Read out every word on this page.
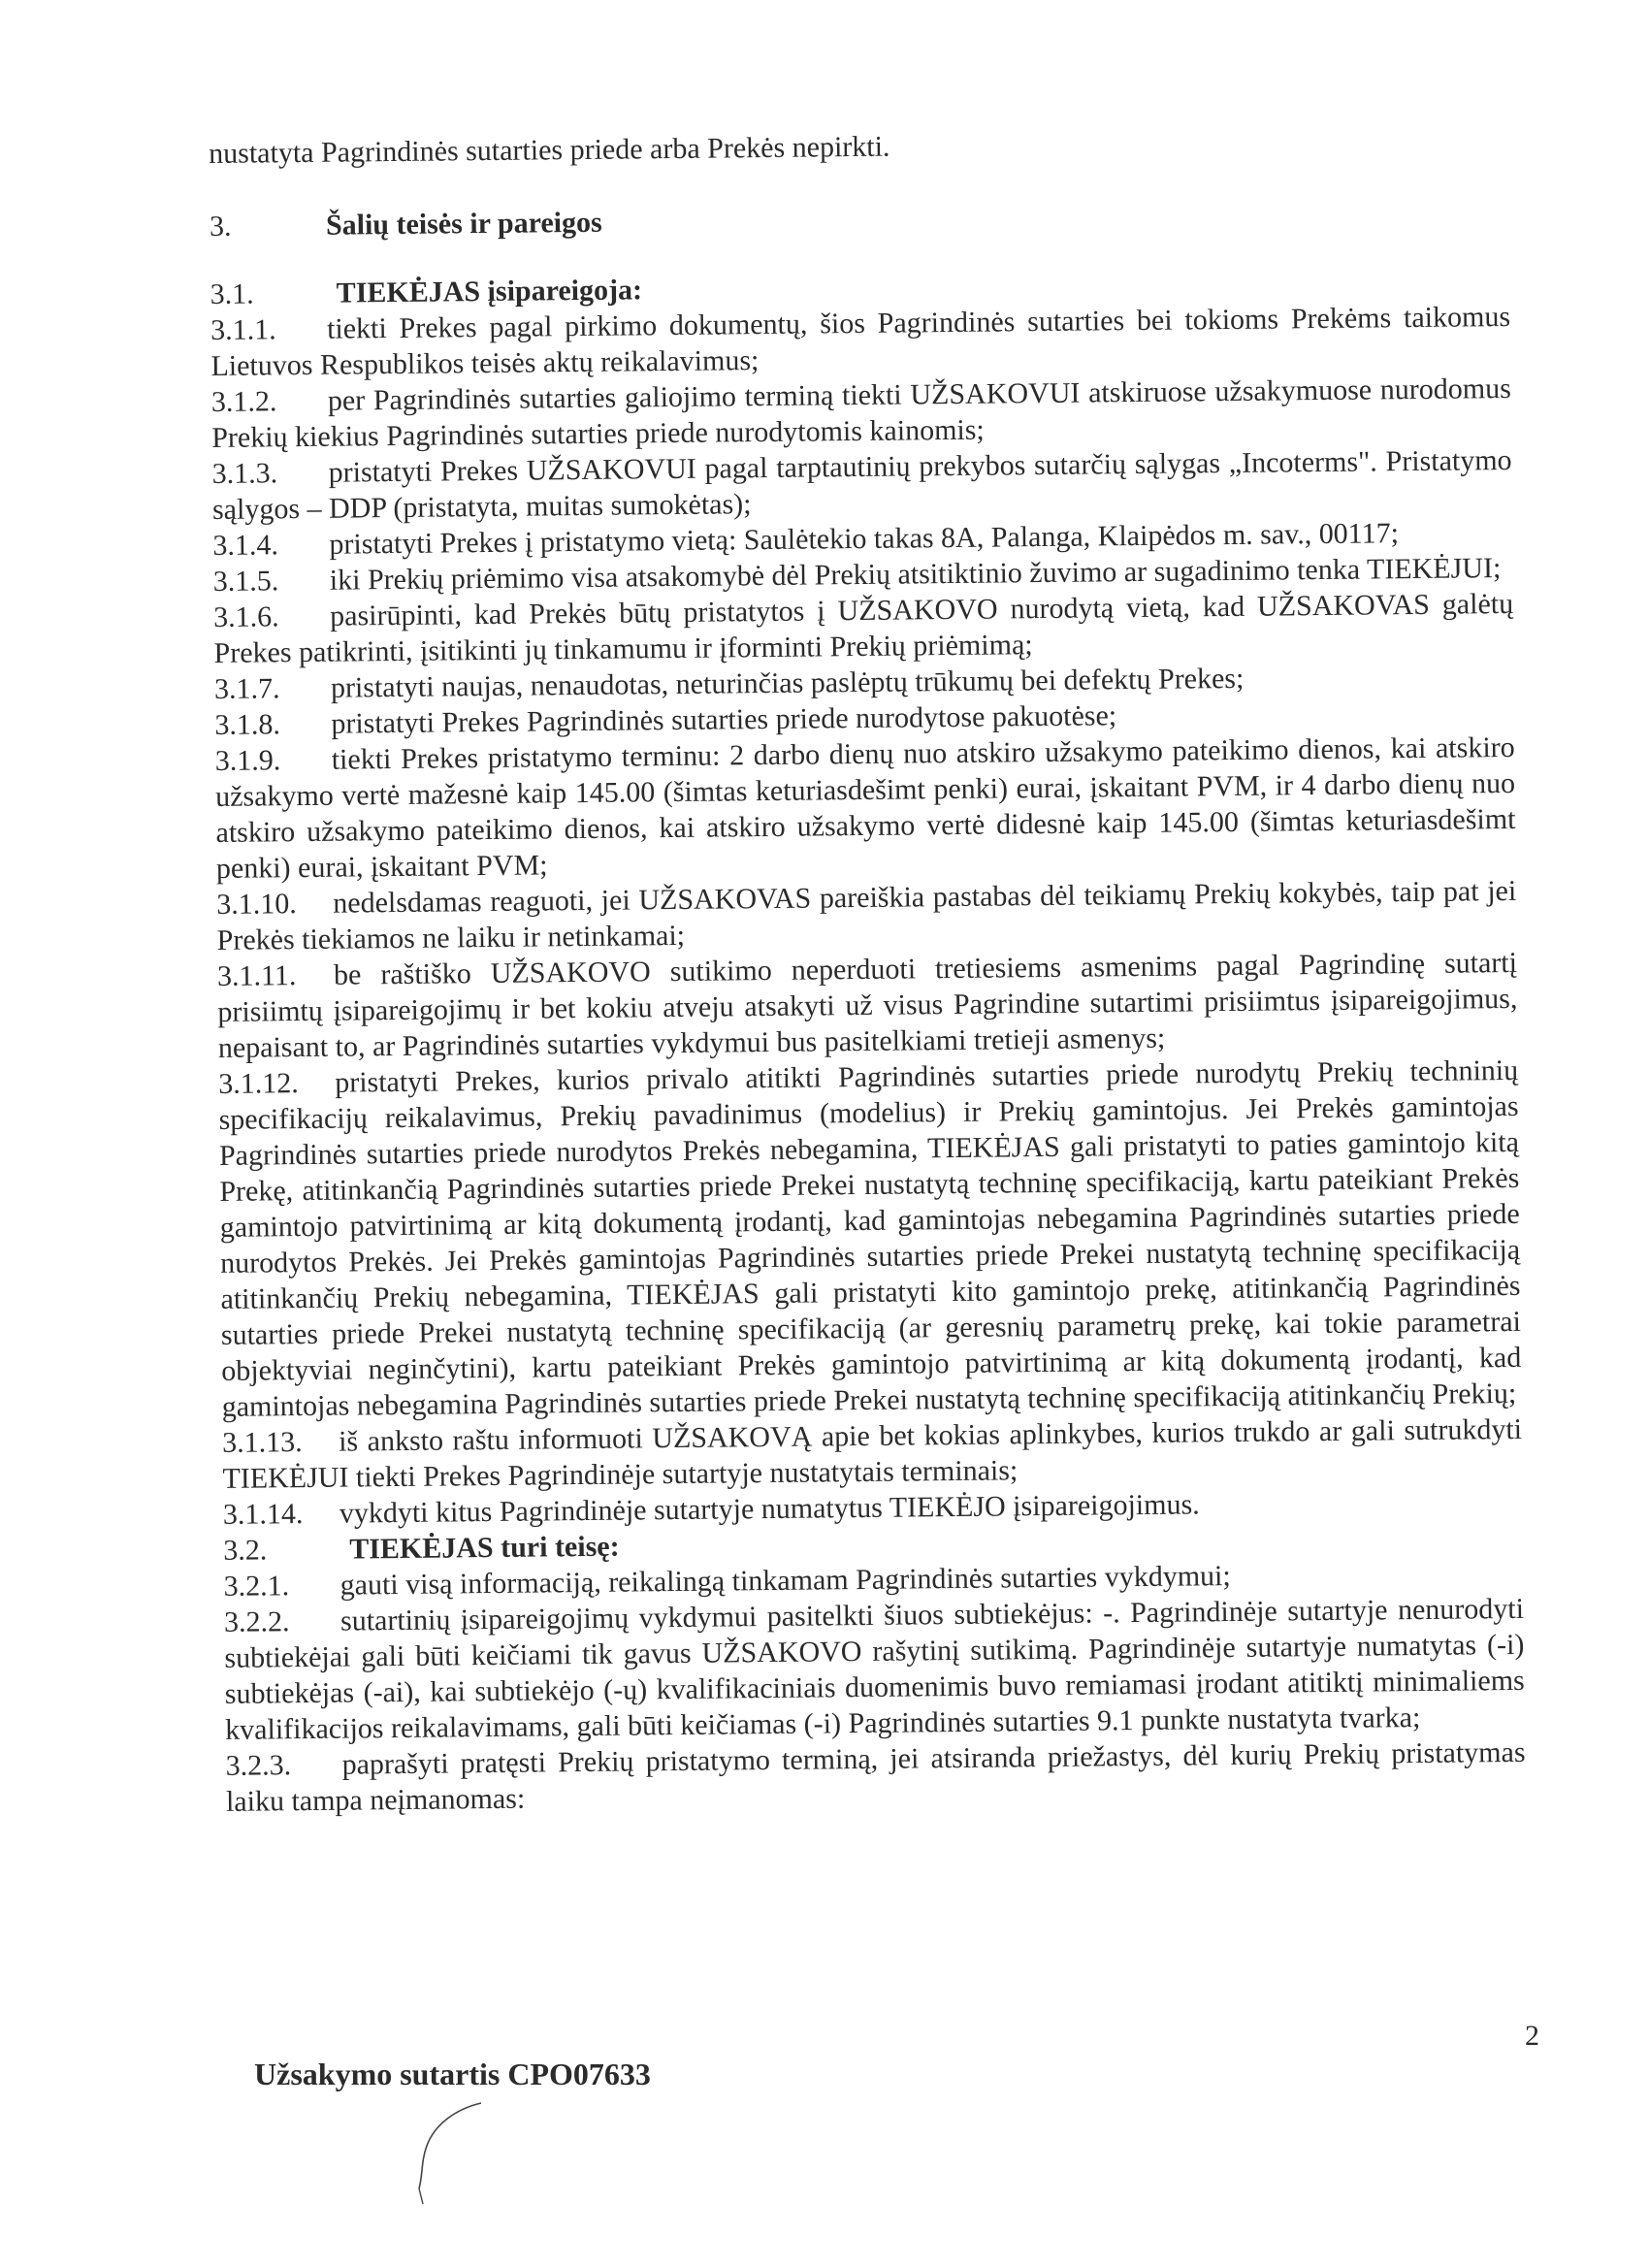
nustatyta Pagrindinės sutarties priede arba Prekės nepirkti.

3.	Šalių teisės ir pareigos
3.1.	TIEKĖJAS įsipareigoja:

3.1.1. tiekti Prekes pagal pirkimo dokumentų, šios Pagrindinės sutarties bei tokioms Prekėms taikomus Lietuvos Respublikos teisės aktų reikalavimus;

3.1.2. per Pagrindinės sutarties galiojimo terminą tiekti UŽSAKOVUI atskiruose užsakymuose nurodomus Prekių kiekius Pagrindinės sutarties priede nurodytomis kainomis;

3.1.3. pristatyti Prekes UŽSAKOVUI pagal tarptautinių prekybos sutarčių sąlygas „Incoterms". Pristatymo sąlygos – DDP (pristatyta, muitas sumokėtas);

3.1.4. pristatyti Prekes į pristatymo vietą: Saulėtekio takas 8A, Palanga, Klaipėdos m. sav., 00117;

3.1.5. iki Prekių priėmimo visa atsakomybė dėl Prekių atsitiktinio žuvimo ar sugadinimo tenka TIEKĖJUI;

3.1.6. pasirūpinti, kad Prekės būtų pristatytos į UŽSAKOVO nurodytą vietą, kad UŽSAKOVAS galėtų Prekes patikrinti, įsitikinti jų tinkamumu ir įforminti Prekių priėmimą;

3.1.7. pristatyti naujas, nenaudotas, neturinčias paslėptų trūkumų bei defektų Prekes;

3.1.8. pristatyti Prekes Pagrindinės sutarties priede nurodytose pakuotėse;

3.1.9. tiekti Prekes pristatymo terminu: 2 darbo dienų nuo atskiro užsakymo pateikimo dienos, kai atskiro užsakymo vertė mažesnė kaip 145.00 (šimtas keturiasdešimt penki) eurai, įskaitant PVM, ir 4 darbo dienų nuo atskiro užsakymo pateikimo dienos, kai atskiro užsakymo vertė didesnė kaip 145.00 (šimtas keturiasdešimt penki) eurai, įskaitant PVM;

3.1.10. nedelsdamas reaguoti, jei UŽSAKOVAS pareiškia pastabas dėl teikiamų Prekių kokybės, taip pat jei Prekės tiekiamos ne laiku ir netinkamai;

3.1.11. be raštiško UŽSAKOVO sutikimo neperduoti tretiesiems asmenims pagal Pagrindinę sutartį prisiimtų įsipareigojimų ir bet kokiu atveju atsakyti už visus Pagrindine sutartimi prisiimtus įsipareigojimus, nepaisant to, ar Pagrindinės sutarties vykdymui bus pasitelkiami tretieji asmenys;

3.1.12. pristatyti Prekes, kurios privalo atitikti Pagrindinės sutarties priede nurodytų Prekių techninių specifikacijų reikalavimus, Prekių pavadinimus (modelius) ir Prekių gamintojus. Jei Prekės gamintojas Pagrindinės sutarties priede nurodytos Prekės nebegamina, TIEKĖJAS gali pristatyti to paties gamintojo kitą Prekę, atitinkančią Pagrindinės sutarties priede Prekei nustatytą techninę specifikaciją, kartu pateikiant Prekės gamintojo patvirtinimą ar kitą dokumentą įrodantį, kad gamintojas nebegamina Pagrindinės sutarties priede nurodytos Prekės. Jei Prekės gamintojas Pagrindinės sutarties priede Prekei nustatytą techninę specifikaciją atitinkančių Prekių nebegamina, TIEKĖJAS gali pristatyti kito gamintojo prekę, atitinkančią Pagrindinės sutarties priede Prekei nustatytą techninę specifikaciją (ar geresnių parametrų prekę, kai tokie parametrai objektyviai neginčytini), kartu pateikiant Prekės gamintojo patvirtinimą ar kitą dokumentą įrodantį, kad gamintojas nebegamina Pagrindinės sutarties priede Prekei nustatytą techninę specifikaciją atitinkančių Prekių;

3.1.13. iš anksto raštu informuoti UŽSAKOVĄ apie bet kokias aplinkybes, kurios trukdo ar gali sutrukdyti TIEKĖJUI tiekti Prekes Pagrindinėje sutartyje nustatytais terminais;

3.1.14. vykdyti kitus Pagrindinėje sutartyje numatytus TIEKĖJO įsipareigojimus.

3.2.	TIEKĖJAS turi teisę:

3.2.1. gauti visą informaciją, reikalingą tinkamam Pagrindinės sutarties vykdymui;

3.2.2. sutartinių įsipareigojimų vykdymui pasitelkti šiuos subtiekėjus: -. Pagrindinėje sutartyje nenurodyti subtiekėjai gali būti keičiami tik gavus UŽSAKOVO rašytinį sutikimą. Pagrindinėje sutartyje numatytas (-i) subtiekėjas (-ai), kai subtiekėjo (-ų) kvalifikaciniais duomenimis buvo remiamasi įrodant atitiktį minimaliems kvalifikacijos reikalavimams, gali būti keičiamas (-i) Pagrindinės sutarties 9.1 punkte nustatyta tvarka;

3.2.3. paprašyti pratęsti Prekių pristatymo terminą, jei atsiranda priežastys, dėl kurių Prekių pristatymas laiku tampa neįmanomas:

2
Užsakymo sutartis CPO07633
